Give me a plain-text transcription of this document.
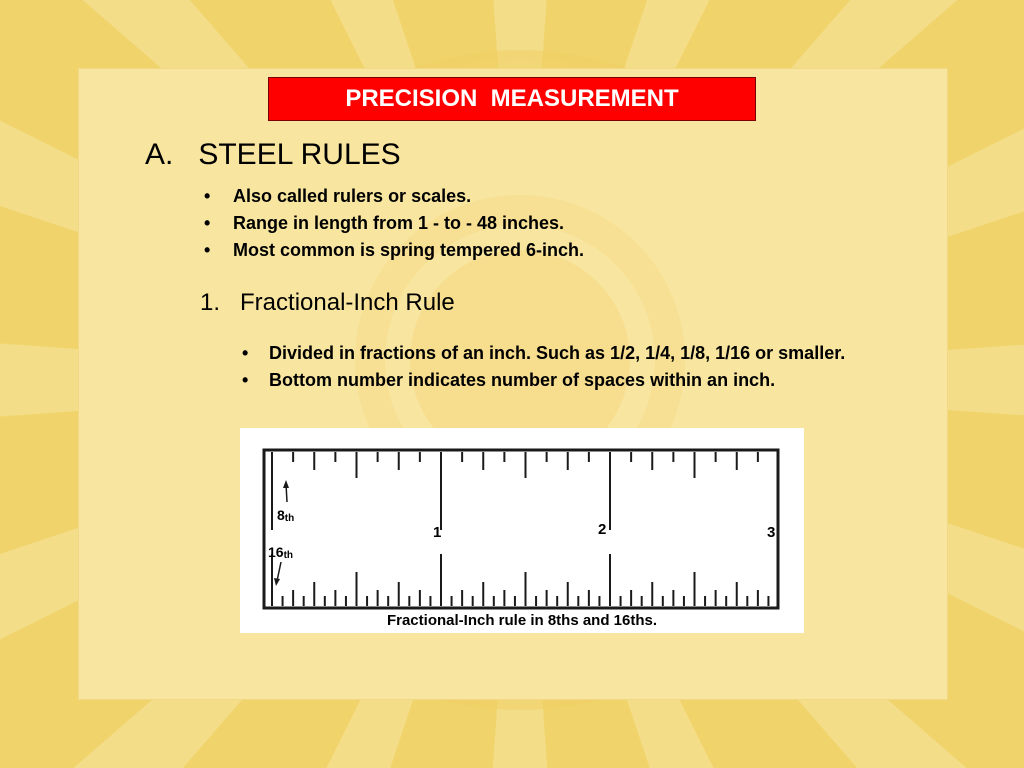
PRECISION  MEASUREMENT
A.   STEEL RULES
• Also called rulers or scales.
• Range in length from 1 - to - 48 inches.
• Most common is spring tempered 6-inch.
1.   Fractional-Inch Rule
• Divided in fractions of an inch. Such as 1/2, 1/4, 1/8, 1/16 or smaller.
• Bottom number indicates number of spaces within an inch.
1	2	3
8th
16th
Fractional-Inch rule in 8ths and 16ths.
